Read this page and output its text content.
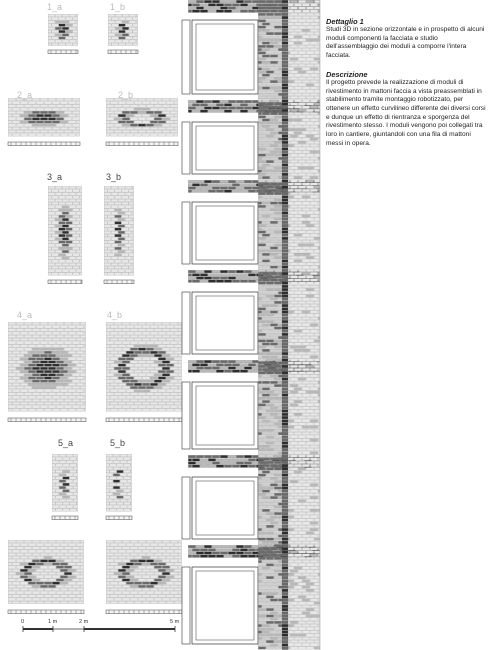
1_a	1_b
2_a	2_b
3_a	3_b
4_a	4_b
5_a	5_b
0	1 m	2 m	5 m
Dettaglio 1

Studi 3D in sezione orizzontale e in prospetto di alcuni moduli componenti la facciata e studio dell'assemblaggio dei moduli a comporre l'intera facciata.

Descrizione

Il progetto prevede la realizzazione di moduli di rivestimento in mattoni faccia a vista preassemblati in stabilimento tramite montaggio robotizzato, per ottenere un effetto curvilineo differente dei diversi corsi e dunque un effetto di rientranza e sporgenza del rivestimento stesso. I moduli vengono poi collegati tra loro in cantiere, giuntandoli con una fila di mattoni messi in opera.
